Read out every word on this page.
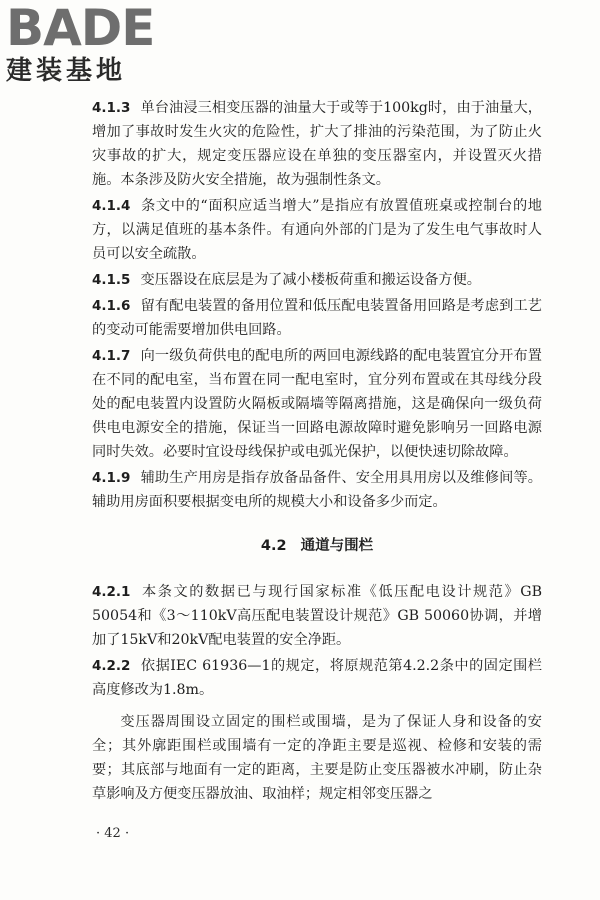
BADE
建装基地

4.1.3 单台油浸三相变压器的油量大于或等于100kg时，由于油量大，增加了事故时发生火灾的危险性，扩大了排油的污染范围，为了防止火灾事故的扩大，规定变压器应设在单独的变压器室内，并设置灭火措施。本条涉及防火安全措施，故为强制性条文。

4.1.4 条文中的“面积应适当增大”是指应有放置值班桌或控制台的地方，以满足值班的基本条件。有通向外部的门是为了发生电气事故时人员可以安全疏散。

4.1.5 变压器设在底层是为了减小楼板荷重和搬运设备方便。

4.1.6 留有配电装置的备用位置和低压配电装置备用回路是考虑到工艺的变动可能需要增加供电回路。

4.1.7 向一级负荷供电的配电所的两回电源线路的配电装置宜分开布置在不同的配电室，当布置在同一配电室时，宜分列布置或在其母线分段处的配电装置内设置防火隔板或隔墙等隔离措施，这是确保向一级负荷供电电源安全的措施，保证当一回路电源故障时避免影响另一回路电源同时失效。必要时宜设母线保护或电弧光保护，以便快速切除故障。

4.1.9 辅助生产用房是指存放备品备件、安全用具用房以及维修间等。辅助用房面积要根据变电所的规模大小和设备多少而定。

4.2 通道与围栏

4.2.1 本条文的数据已与现行国家标准《低压配电设计规范》GB 50054和《3～110kV高压配电装置设计规范》GB 50060协调，并增加了15kV和20kV配电装置的安全净距。

4.2.2 依据IEC 61936—1的规定，将原规范第4.2.2条中的固定围栏高度修改为1.8m。

变压器周围设立固定的围栏或围墙，是为了保证人身和设备的安全；其外廓距围栏或围墙有一定的净距主要是巡视、检修和安装的需要；其底部与地面有一定的距离，主要是防止变压器被水冲刷，防止杂草影响及方便变压器放油、取油样；规定相邻变压器之

· 42 ·
